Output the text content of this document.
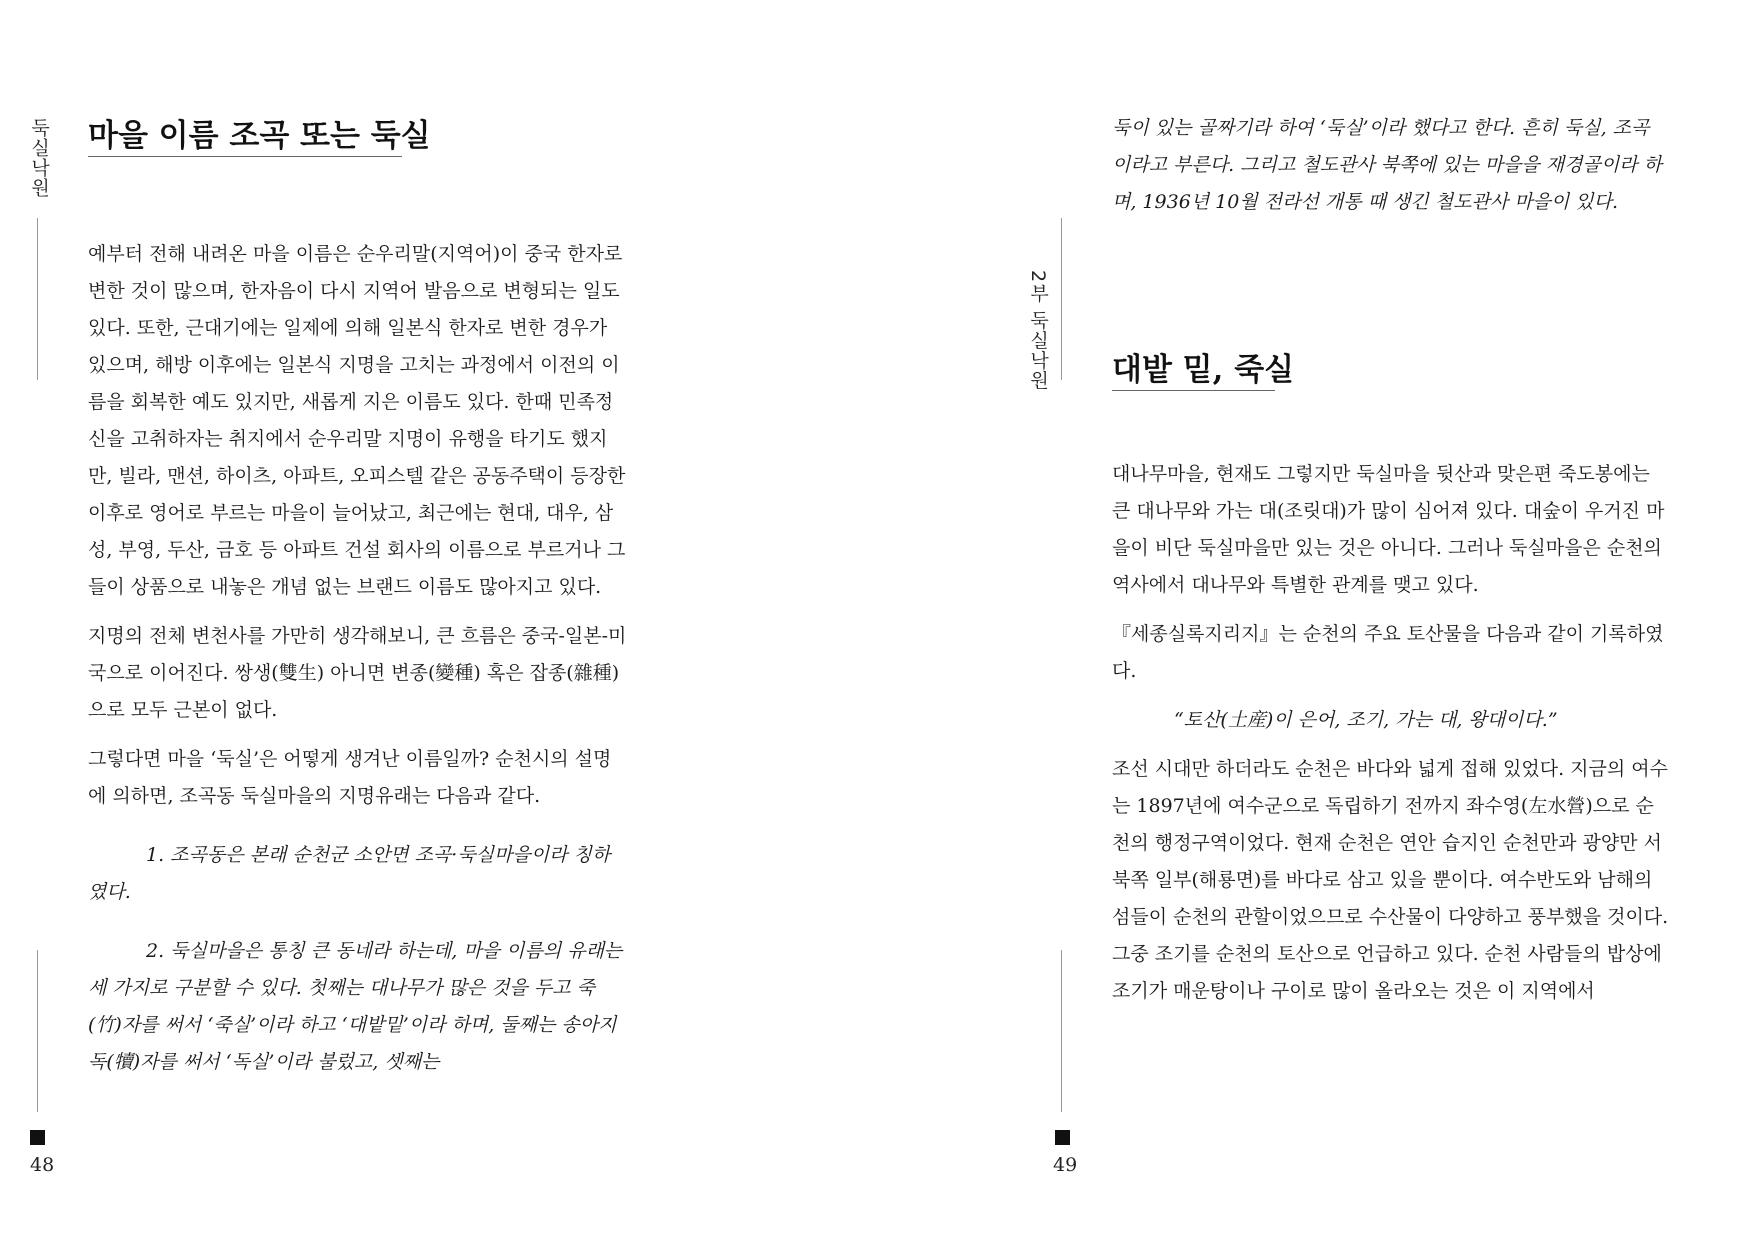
둑실낙원
48
마을 이름 조곡 또는 둑실

예부터 전해 내려온 마을 이름은 순우리말(지역어)이 중국 한자로 변한 것이 많으며, 한자음이 다시 지역어 발음으로 변형되는 일도 있다. 또한, 근대기에는 일제에 의해 일본식 한자로 변한 경우가 있으며, 해방 이후에는 일본식 지명을 고치는 과정에서 이전의 이름을 회복한 예도 있지만, 새롭게 지은 이름도 있다. 한때 민족정신을 고취하자는 취지에서 순우리말 지명이 유행을 타기도 했지만, 빌라, 맨션, 하이츠, 아파트, 오피스텔 같은 공동주택이 등장한 이후로 영어로 부르는 마을이 늘어났고, 최근에는 현대, 대우, 삼성, 부영, 두산, 금호 등 아파트 건설 회사의 이름으로 부르거나 그들이 상품으로 내놓은 개념 없는 브랜드 이름도 많아지고 있다.

지명의 전체 변천사를 가만히 생각해보니, 큰 흐름은 중국-일본-미국으로 이어진다. 쌍생(雙生) 아니면 변종(變種) 혹은 잡종(雜種)으로 모두 근본이 없다.

그렇다면 마을 ‘둑실’은 어떻게 생겨난 이름일까? 순천시의 설명에 의하면, 조곡동 둑실마을의 지명유래는 다음과 같다.

1. 조곡동은 본래 순천군 소안면 조곡·둑실마을이라 칭하였다.

2. 둑실마을은 통칭 큰 동네라 하는데, 마을 이름의 유래는 세 가지로 구분할 수 있다. 첫째는 대나무가 많은 것을 두고 죽(竹)자를 써서 ‘죽실’이라 하고 ‘대밭밑’이라 하며, 둘째는 송아지 독(犢)자를 써서 ‘독실’이라 불렀고, 셋째는

2부 둑실낙원
49

둑이 있는 골짜기라 하여 ‘둑실’이라 했다고 한다. 흔히 둑실, 조곡이라고 부른다. 그리고 철도관사 북쪽에 있는 마을을 재경골이라 하며, 1936년 10월 전라선 개통 때 생긴 철도관사 마을이 있다.

대밭 밑, 죽실

대나무마을, 현재도 그렇지만 둑실마을 뒷산과 맞은편 죽도봉에는 큰 대나무와 가는 대(조릿대)가 많이 심어져 있다. 대숲이 우거진 마을이 비단 둑실마을만 있는 것은 아니다. 그러나 둑실마을은 순천의 역사에서 대나무와 특별한 관계를 맺고 있다.

『세종실록지리지』는 순천의 주요 토산물을 다음과 같이 기록하였다.

“토산(土産)이 은어, 조기, 가는 대, 왕대이다.”

조선 시대만 하더라도 순천은 바다와 넓게 접해 있었다. 지금의 여수는 1897년에 여수군으로 독립하기 전까지 좌수영(左水營)으로 순천의 행정구역이었다. 현재 순천은 연안 습지인 순천만과 광양만 서북쪽 일부(해룡면)를 바다로 삼고 있을 뿐이다. 여수반도와 남해의 섬들이 순천의 관할이었으므로 수산물이 다양하고 풍부했을 것이다. 그중 조기를 순천의 토산으로 언급하고 있다. 순천 사람들의 밥상에 조기가 매운탕이나 구이로 많이 올라오는 것은 이 지역에서
